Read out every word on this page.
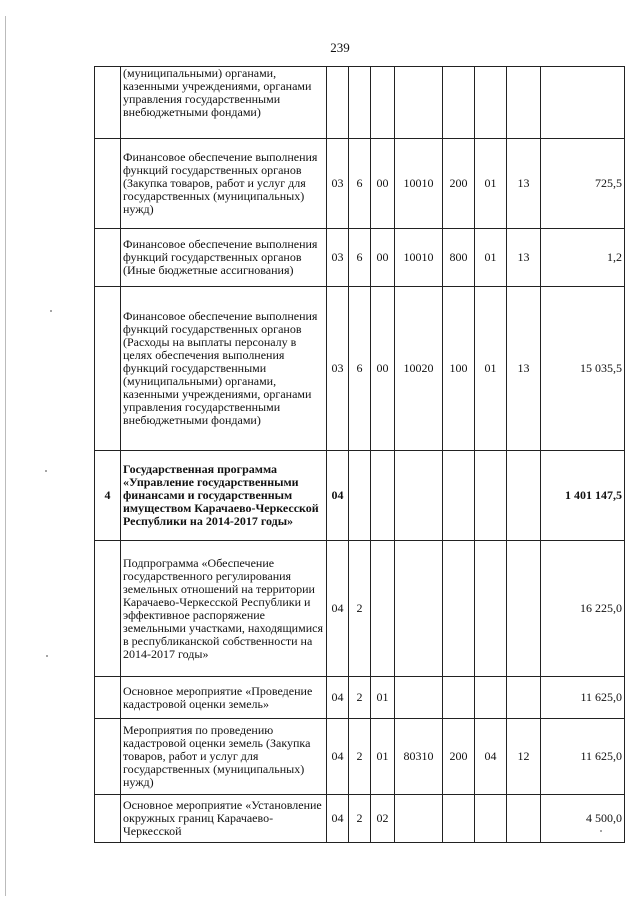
239
	(муниципальными) органами, казенными учреждениями, органами управления государственными внебюджетными фондами)								
	Финансовое обеспечение выполнения функций государственных органов (Закупка товаров, работ и услуг для государственных (муниципальных) нужд)	03	6	00	10010	200	01	13	725,5
	Финансовое обеспечение выполнения функций государственных органов (Иные бюджетные ассигнования)	03	6	00	10010	800	01	13	1,2
	Финансовое обеспечение выполнения функций государственных органов (Расходы на выплаты персоналу в целях обеспечения выполнения функций государственными (муниципальными) органами, казенными учреждениями, органами управления государственными внебюджетными фондами)	03	6	00	10020	100	01	13	15 035,5
4	Государственная программа «Управление государственными финансами и государственным имуществом Карачаево-Черкесской Республики на 2014-2017 годы»	04							1 401 147,5
	Подпрограмма «Обеспечение государственного регулирования земельных отношений на территории Карачаево-Черкесской Республики и эффективное распоряжение земельными участками, находящимися в республиканской собственности на 2014-2017 годы»	04	2						16 225,0
	Основное мероприятие «Проведение кадастровой оценки земель»	04	2	01					11 625,0
	Мероприятия по проведению кадастровой оценки земель (Закупка товаров, работ и услуг для государственных (муниципальных) нужд)	04	2	01	80310	200	04	12	11 625,0
	Основное мероприятие «Установление окружных границ Карачаево-Черкесской	04	2	02					4 500,0
